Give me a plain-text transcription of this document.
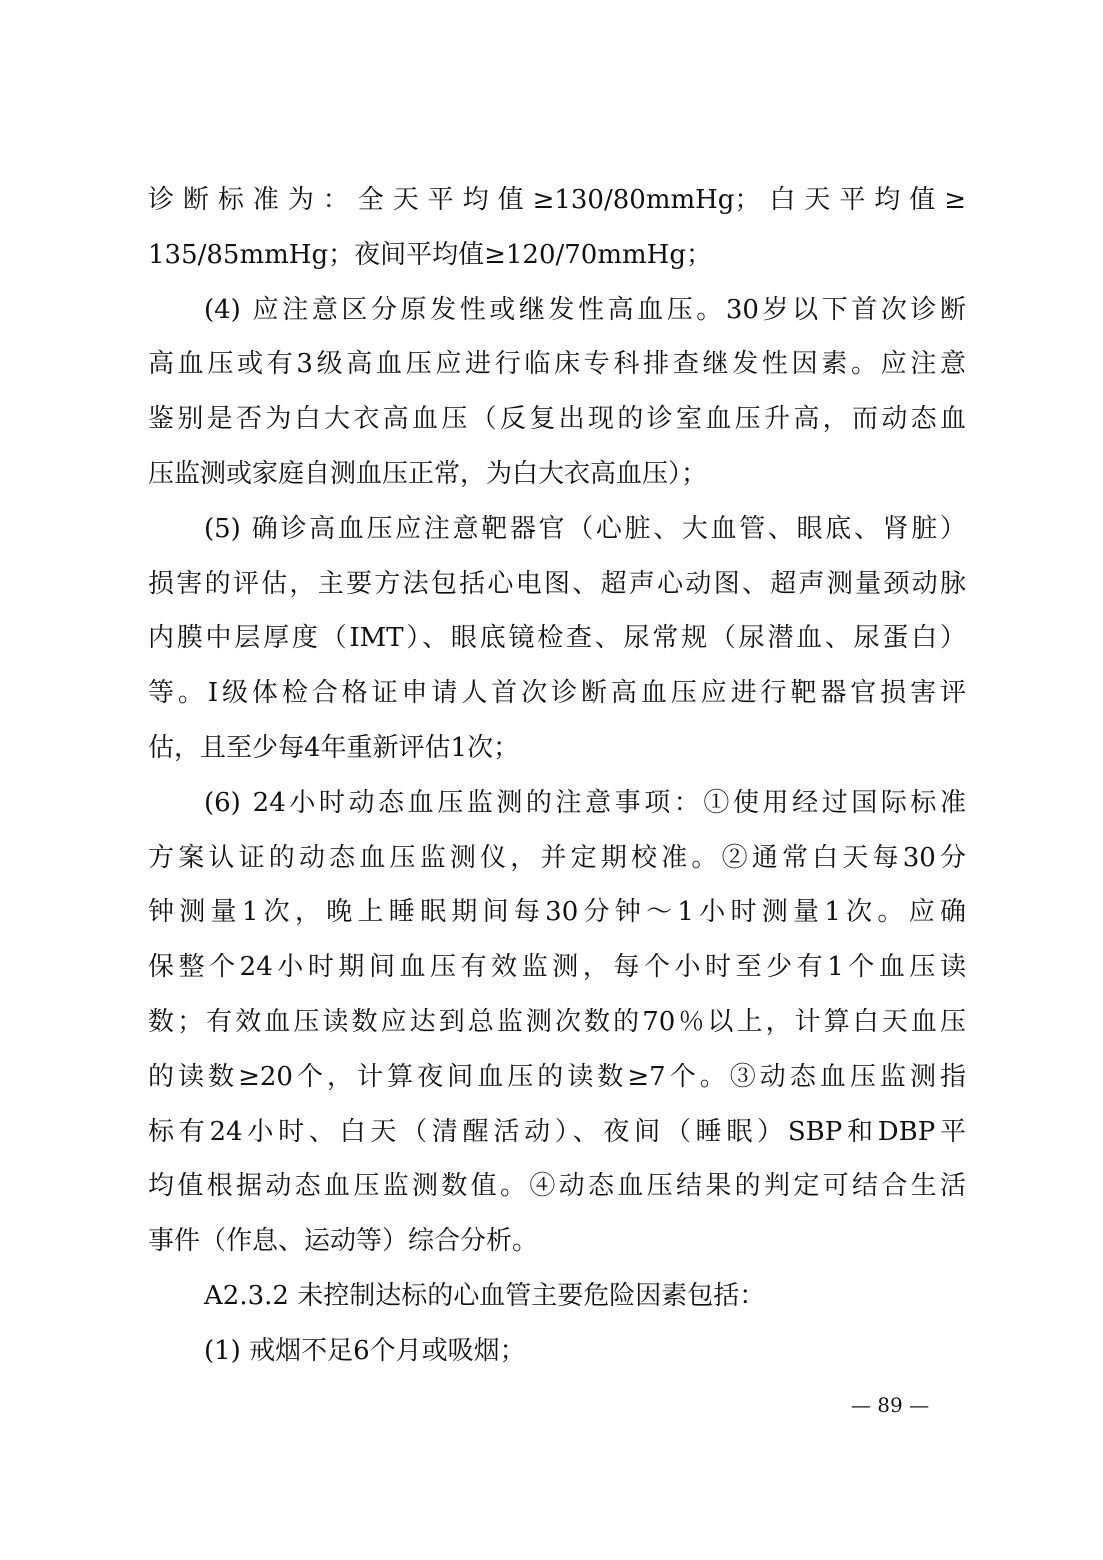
诊断标准为：全天平均值≥130/80mmHg；白天平均值≥
135/85mmHg；夜间平均值≥120/70mmHg；
(4) 应注意区分原发性或继发性高血压。30岁以下首次诊断
高血压或有3级高血压应进行临床专科排查继发性因素。应注意
鉴别是否为白大衣高血压（反复出现的诊室血压升高，而动态血
压监测或家庭自测血压正常，为白大衣高血压）；
(5) 确诊高血压应注意靶器官（心脏、大血管、眼底、肾脏）
损害的评估，主要方法包括心电图、超声心动图、超声测量颈动脉
内膜中层厚度（IMT）、眼底镜检查、尿常规（尿潜血、尿蛋白）
等。Ⅰ级体检合格证申请人首次诊断高血压应进行靶器官损害评
估，且至少每4年重新评估1次；
(6) 24小时动态血压监测的注意事项：①使用经过国际标准
方案认证的动态血压监测仪，并定期校准。②通常白天每30分
钟测量1次，晚上睡眠期间每30分钟～1小时测量1次。应确
保整个24小时期间血压有效监测，每个小时至少有1个血压读
数；有效血压读数应达到总监测次数的70％以上，计算白天血压
的读数≥20个，计算夜间血压的读数≥7个。③动态血压监测指
标有24小时、白天（清醒活动）、夜间（睡眠）SBP和DBP平
均值根据动态血压监测数值。④动态血压结果的判定可结合生活
事件（作息、运动等）综合分析。
A2.3.2 未控制达标的心血管主要危险因素包括：
(1) 戒烟不足6个月或吸烟；
— 89 —
